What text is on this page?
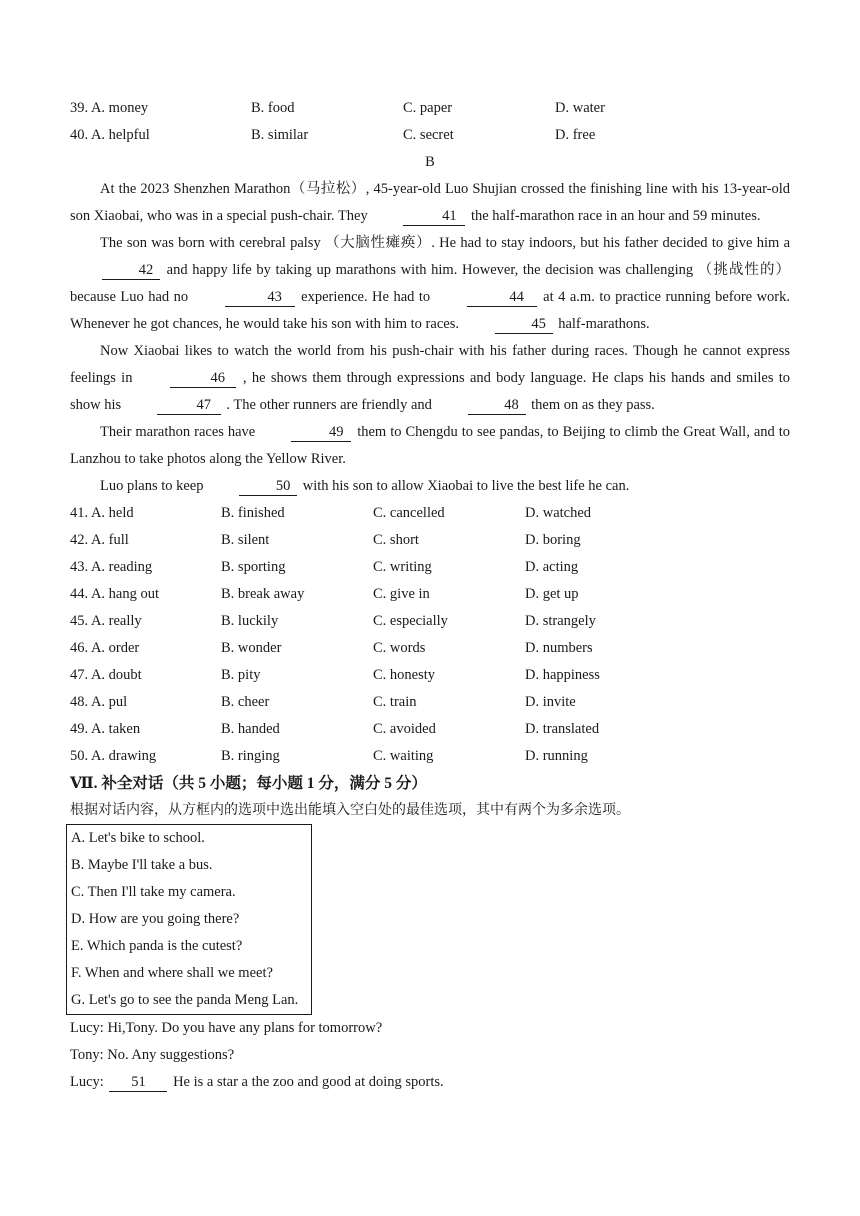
39. A. money	B. food	C. paper	D. water
40. A. helpful	B. similar	C. secret	D. free
B

At the 2023 Shenzhen Marathon（马拉松）, 45-year-old Luo Shujian crossed the finishing line with his 13-year-old son Xiaobai, who was in a special push-chair. They	41 the half-marathon race in an hour and 59 minutes.

The son was born with cerebral palsy （大脑性瘫痪）. He had to stay indoors, but his father decided to give him a 42 and happy life by taking up marathons with him. However, the decision was challenging （挑战性的） because Luo had no	43 experience. He had to	44 at 4 a.m. to practice running before work. Whenever he got chances, he would take his son with him to races.	45 half-marathons.

Now Xiaobai likes to watch the world from his push-chair with his father during races. Though he cannot express feelings in	46 , he shows them through expressions and body language. He claps his hands and smiles to show his	47 . The other runners are friendly and	48 them on as they pass.

Their marathon races have	49 them to Chengdu to see pandas, to Beijing to climb the Great Wall, and to Lanzhou to take photos along the Yellow River.

Luo plans to keep	50 with his son to allow Xiaobai to live the best life he can.

41. A. held	B. finished	C. cancelled	D. watched
42. A. full	B. silent	C. short	D. boring
43. A. reading	B. sporting	C. writing	D. acting
44. A. hang out	B. break away	C. give in	D. get up
45. A. really	B. luckily	C. especially	D. strangely
46. A. order	B. wonder	C. words	D. numbers
47. A. doubt	B. pity	C. honesty	D. happiness
48. A. pul	B. cheer	C. train	D. invite
49. A. taken	B. handed	C. avoided	D. translated
50. A. drawing	B. ringing	C. waiting	D. running
Ⅶ. 补全对话（共 5 小题；每小题 1 分，满分 5 分）
根据对话内容，从方框内的选项中选出能填入空白处的最佳选项，其中有两个为多余选项。
A. Let's bike to school.
B. Maybe I'll take a bus.
C. Then I'll take my camera.
D. How are you going there?
E. Which panda is the cutest?
F. When and where shall we meet?
G. Let's go to see the panda Meng Lan.
Lucy: Hi,Tony. Do you have any plans for tomorrow?
Tony: No. Any suggestions?
Lucy: 51 He is a star a the zoo and good at doing sports.
